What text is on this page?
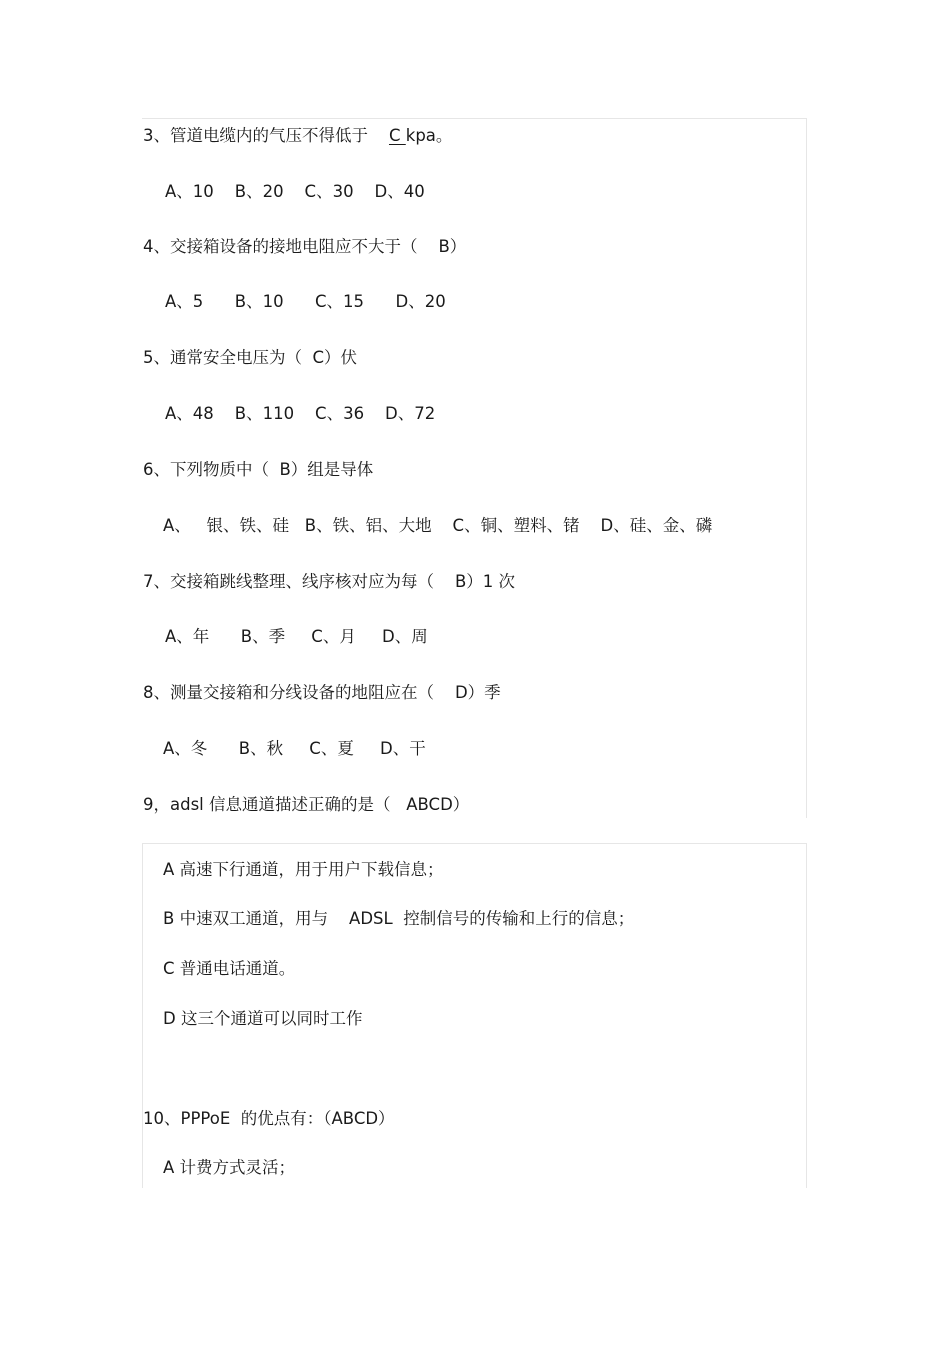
3、管道电缆内的气压不得低于    C kpa。
A、10    B、20    C、30    D、40
4、交接箱设备的接地电阻应不大于（    B）
A、5      B、10      C、15      D、20
5、通常安全电压为（  C）伏
A、48    B、110    C、36    D、72
6、下列物质中（  B）组是导体
A、   银、铁、硅   B、铁、铝、大地    C、铜、塑料、锗    D、硅、金、磷
7、交接箱跳线整理、线序核对应为每（    B）1 次
A、年      B、季     C、月     D、周
8、测量交接箱和分线设备的地阻应在（    D）季
A、冬      B、秋     C、夏     D、干
9，adsl 信息通道描述正确的是（   ABCD）
A 高速下行通道，用于用户下载信息；
B 中速双工通道，用与    ADSL  控制信号的传输和上行的信息；
C 普通电话通道。
D 这三个通道可以同时工作
10、PPPoE  的优点有：（ABCD）
A 计费方式灵活；
